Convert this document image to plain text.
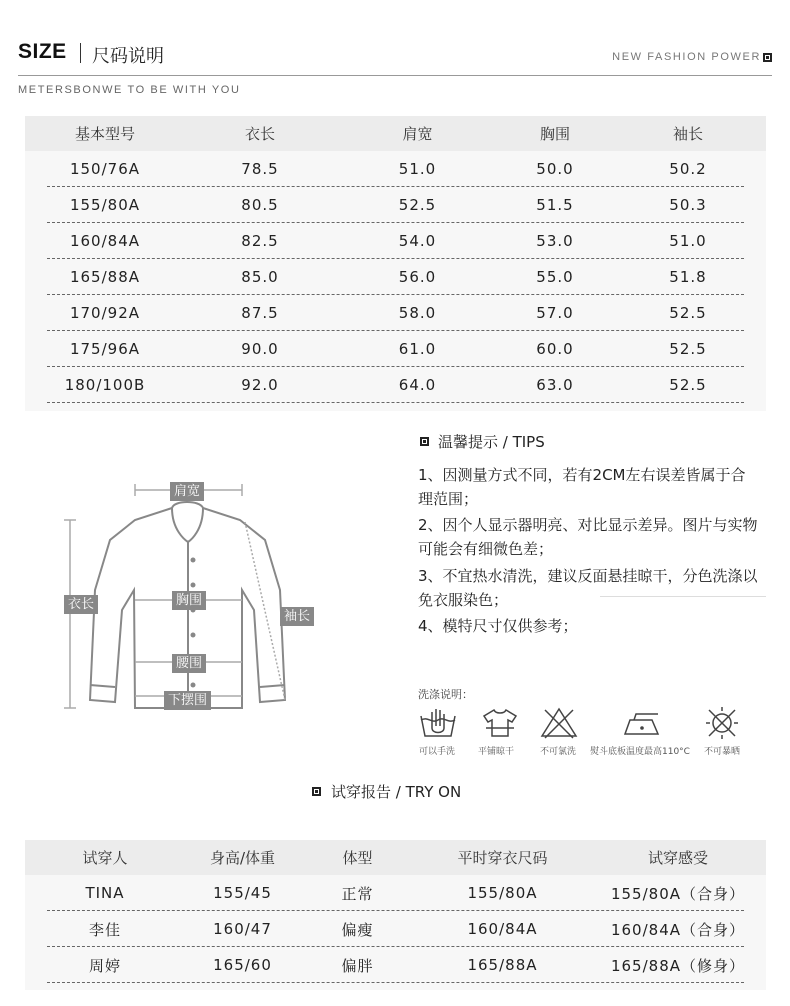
SIZE 尺码说明	NEW FASHION POWER
METERSBONWE TO BE WITH YOU
基本型号	衣长	肩宽	胸围	袖长
150/76A	78.5	51.0	50.0	50.2
155/80A	80.5	52.5	51.5	50.3
160/84A	82.5	54.0	53.0	51.0
165/88A	85.0	56.0	55.0	51.8
170/92A	87.5	58.0	57.0	52.5
175/96A	90.0	61.0	60.0	52.5
180/100B	92.0	64.0	63.0	52.5
肩宽
衣长	胸围
袖长
腰围
下摆围
温馨提示 / TIPS
1、因测量方式不同，若有2CM左右误差皆属于合理范围；
2、因个人显示器明亮、对比显示差异。图片与实物可能会有细微色差；
3、不宜热水清洗，建议反面悬挂晾干，分色洗涤以免衣服染色；
4、模特尺寸仅供参考；
洗涤说明：
可以手洗	平铺晾干	不可氯洗 熨斗底板温度最高110°C 不可暴晒
试穿报告 / TRY ON
试穿人	身高/体重	体型	平时穿衣尺码	试穿感受
TINA	155/45	正常	155/80A	155/80A（合身）
李佳	160/47	偏瘦	160/84A	160/84A（合身）
周婷	165/60	偏胖	165/88A	165/88A（修身）
